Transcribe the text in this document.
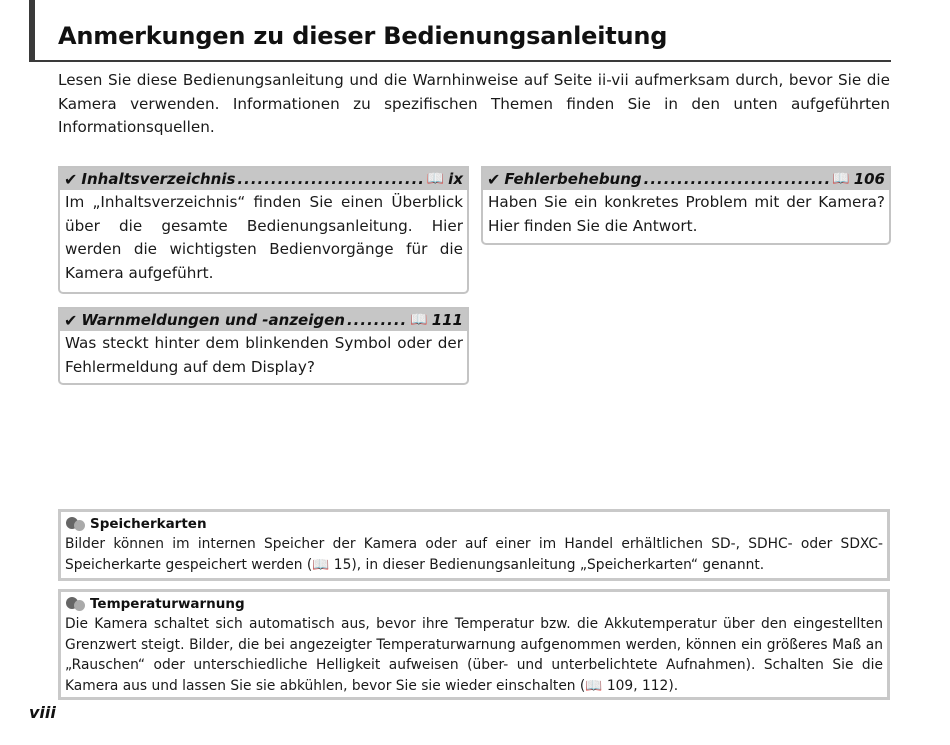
Anmerkungen zu dieser Bedienungsanleitung

Lesen Sie diese Bedienungsanleitung und die Warnhinweise auf Seite ii-vii aufmerksam durch, bevor Sie die Kamera verwenden. Informationen zu spezifischen Themen finden Sie in den unten aufgeführten Informationsquellen.

✔ Inhaltsverzeichnis .....	📖 ix
Im „Inhaltsverzeichnis“ finden Sie einen Überblick über die gesamte Bedienungsanleitung. Hier werden die wichtigsten Bedienvorgänge für die Kamera aufgeführt.
✔ Fehlerbehebung .....	📖 106
Haben Sie ein konkretes Problem mit der Kamera? Hier finden Sie die Antwort.
✔ Warnmeldungen und -anzeigen .....	📖 111
Was steckt hinter dem blinkenden Symbol oder der Fehlermeldung auf dem Display?
Speicherkarten
Bilder können im internen Speicher der Kamera oder auf einer im Handel erhältlichen SD-, SDHC- oder SDXC-Speicherkarte gespeichert werden (📖 15), in dieser Bedienungsanleitung „Speicherkarten“ genannt.
Temperaturwarnung
Die Kamera schaltet sich automatisch aus, bevor ihre Temperatur bzw. die Akkutemperatur über den eingestellten Grenzwert steigt. Bilder, die bei angezeigter Temperaturwarnung aufgenommen werden, können ein größeres Maß an „Rauschen“ oder unterschiedliche Helligkeit aufweisen (über- und unterbelichtete Aufnahmen). Schalten Sie die Kamera aus und lassen Sie sie abkühlen, bevor Sie sie wieder einschalten (📖 109, 112).
viii
